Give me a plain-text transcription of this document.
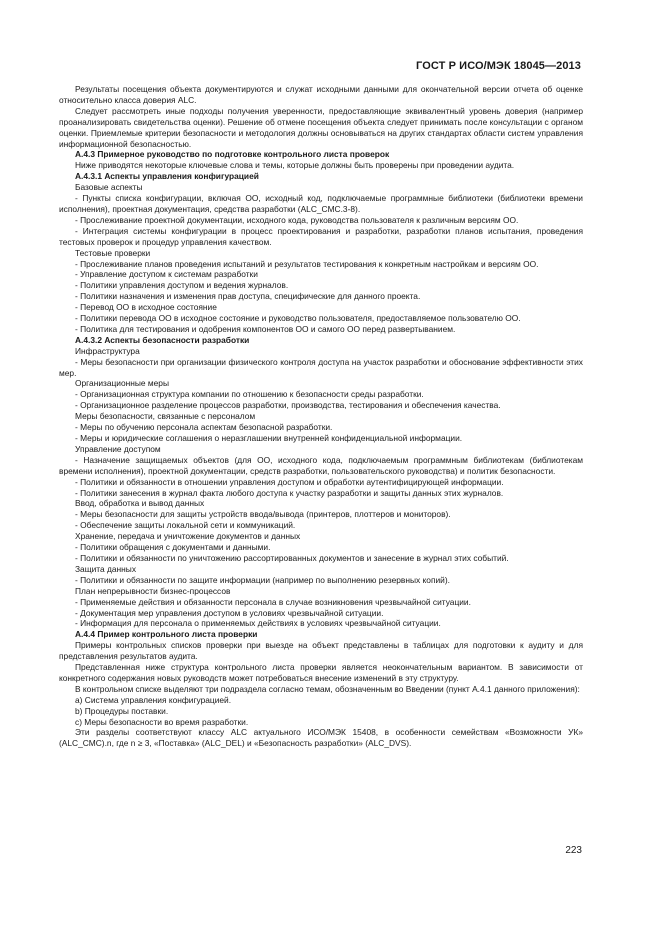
ГОСТ Р ИСО/МЭК 18045—2013

Результаты посещения объекта документируются и служат исходными данными для окончательной версии отчета об оценке относительно класса доверия ALC.

Следует рассмотреть иные подходы получения уверенности, предоставляющие эквивалентный уровень доверия (например проанализировать свидетельства оценки). Решение об отмене посещения объекта следует принимать после консультации с органом оценки. Приемлемые критерии безопасности и методология должны основываться на других стандартах области систем управления информационной безопасностью.

A.4.3 Примерное руководство по подготовке контрольного листа проверок

Ниже приводятся некоторые ключевые слова и темы, которые должны быть проверены при проведении аудита.

A.4.3.1 Аспекты управления конфигурацией

Базовые аспекты

- Пункты списка конфигурации, включая ОО, исходный код, подключаемые программные библиотеки (библиотеки времени исполнения), проектная документация, средства разработки (ALC_CMC.3-8).

- Прослеживание проектной документации, исходного кода, руководства пользователя к различным версиям ОО.

- Интеграция системы конфигурации в процесс проектирования и разработки, разработки планов испытания, проведения тестовых проверок и процедур управления качеством.

Тестовые проверки

- Прослеживание планов проведения испытаний и результатов тестирования к конкретным настройкам и версиям ОО.

- Управление доступом к системам разработки

- Политики управления доступом и ведения журналов.

- Политики назначения и изменения прав доступа, специфические для данного проекта.

- Перевод ОО в исходное состояние

- Политики перевода ОО в исходное состояние и руководство пользователя, предоставляемое пользователю ОО.

- Политика для тестирования и одобрения компонентов ОО и самого ОО перед развертыванием.

A.4.3.2 Аспекты безопасности разработки

Инфраструктура

- Меры безопасности при организации физического контроля доступа на участок разработки и обоснование эффективности этих мер.

Организационные меры

- Организационная структура компании по отношению к безопасности среды разработки.

- Организационное разделение процессов разработки, производства, тестирования и обеспечения качества.

Меры безопасности, связанные с персоналом

- Меры по обучению персонала аспектам безопасной разработки.

- Меры и юридические соглашения о неразглашении внутренней конфиденциальной информации.

Управление доступом

- Назначение защищаемых объектов (для ОО, исходного кода, подключаемым программным библиотекам (библиотекам времени исполнения), проектной документации, средств разработки, пользовательского руководства) и политик безопасности.

- Политики и обязанности в отношении управления доступом и обработки аутентифицирующей информации.

- Политики занесения в журнал факта любого доступа к участку разработки и защиты данных этих журналов.

Ввод, обработка и вывод данных

- Меры безопасности для защиты устройств ввода/вывода (принтеров, плоттеров и мониторов).

- Обеспечение защиты локальной сети и коммуникаций.

Хранение, передача и уничтожение документов и данных

- Политики обращения с документами и данными.

- Политики и обязанности по уничтожению рассортированных документов и занесение в журнал этих событий.

Защита данных

- Политики и обязанности по защите информации (например по выполнению резервных копий).

План непрерывности бизнес-процессов

- Применяемые действия и обязанности персонала в случае возникновения чрезвычайной ситуации.

- Документация мер управления доступом в условиях чрезвычайной ситуации.

- Информация для персонала о применяемых действиях в условиях чрезвычайной ситуации.

A.4.4 Пример контрольного листа проверки

Примеры контрольных списков проверки при выезде на объект представлены в таблицах для подготовки к аудиту и для представления результатов аудита.

Представленная ниже структура контрольного листа проверки является неокончательным вариантом. В зависимости от конкретного содержания новых руководств может потребоваться внесение изменений в эту структуру.

В контрольном списке выделяют три подраздела согласно темам, обозначенным во Введении (пункт А.4.1 данного приложения):

a) Система управления конфигурацией.

b) Процедуры поставки.

c) Меры безопасности во время разработки.

Эти разделы соответствуют классу ALC актуального ИСО/МЭК 15408, в особенности семействам «Возможности УК» (ALC_CMC).n, где n ≥ 3, «Поставка» (ALC_DEL) и «Безопасность разработки» (ALC_DVS).

223
